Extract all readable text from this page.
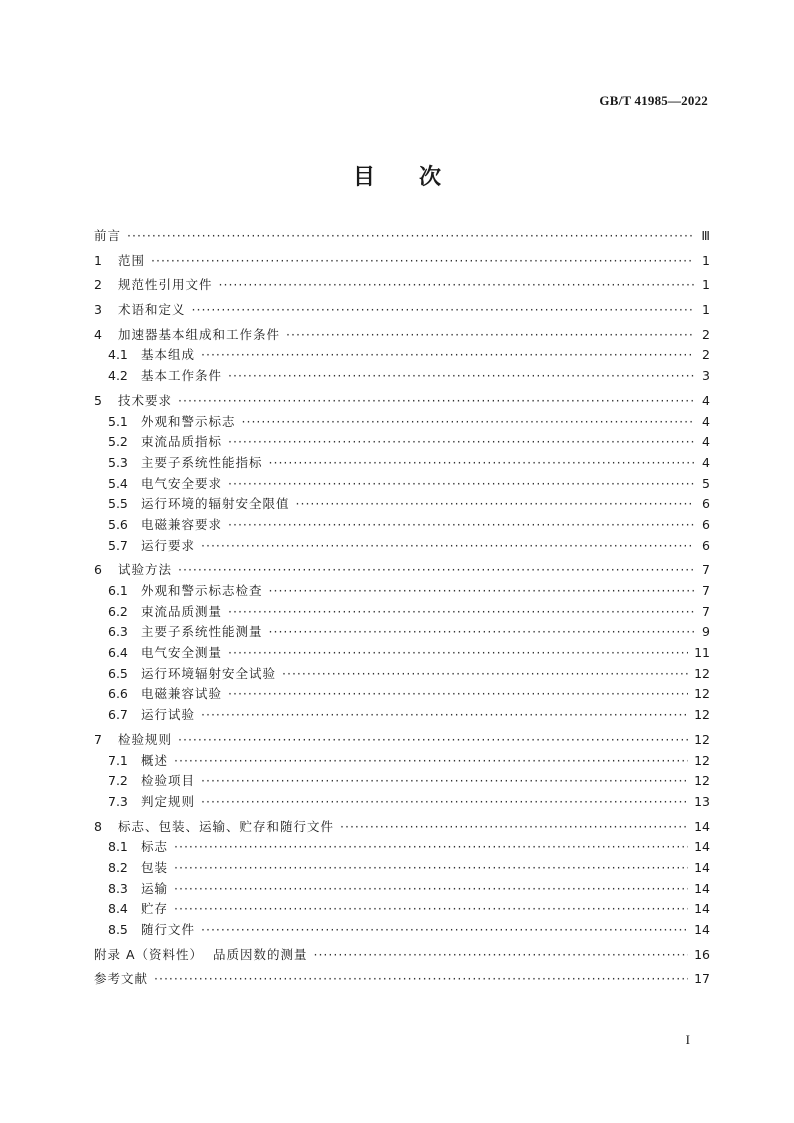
GB/T 41985—2022
目 次
前言 ·····	Ⅲ
1	范围 ·····	1
2	规范性引用文件 ·····	1
3	术语和定义 ·····	1
4	加速器基本组成和工作条件 ·····	2
4.1	基本组成 ·····	2
4.2	基本工作条件 ·····	3
5	技术要求 ·····	4
5.1	外观和警示标志 ·····	4
5.2	束流品质指标 ·····	4
5.3	主要子系统性能指标 ·····	4
5.4	电气安全要求 ·····	5
5.5	运行环境的辐射安全限值 ·····	6
5.6	电磁兼容要求 ·····	6
5.7	运行要求 ·····	6
6	试验方法 ·····	7
6.1	外观和警示标志检查 ·····	7
6.2	束流品质测量 ·····	7
6.3	主要子系统性能测量 ·····	9
6.4	电气安全测量 ·····	11
6.5	运行环境辐射安全试验 ·····	12
6.6	电磁兼容试验 ·····	12
6.7	运行试验 ·····	12
7	检验规则 ·····	12
7.1	概述 ·····	12
7.2	检验项目 ·····	12
7.3	判定规则 ·····	13
8	标志、包装、运输、贮存和随行文件 ·····	14
8.1	标志 ·····	14
8.2	包装 ·····	14
8.3	运输 ·····	14
8.4	贮存 ·····	14
8.5	随行文件 ·····	14
附录 A（资料性）  品质因数的测量 ·····	16
参考文献 ·····	17
I
